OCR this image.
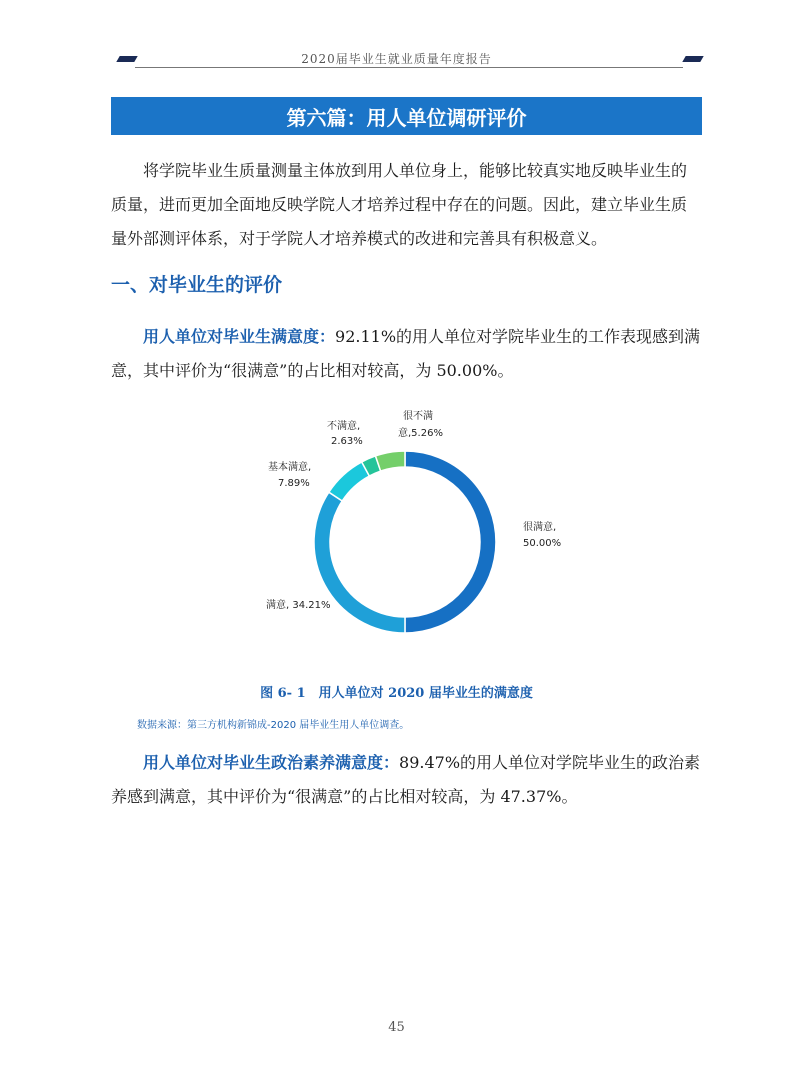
2020届毕业生就业质量年度报告
第六篇：用人单位调研评价

将学院毕业生质量测量主体放到用人单位身上，能够比较真实地反映毕业生的质量，进而更加全面地反映学院人才培养过程中存在的问题。因此，建立毕业生质量外部测评体系，对于学院人才培养模式的改进和完善具有积极意义。

一、对毕业生的评价

用人单位对毕业生满意度：92.11%的用人单位对学院毕业生的工作表现感到满意，其中评价为“很满意”的占比相对较高，为 50.00%。

很满意,
50.00%
满意, 34.21%
基本满意,
7.89%
不满意,
2.63%
很不满
意,5.26%
图 6- 1　用人单位对 2020 届毕业生的满意度
数据来源：第三方机构新锦成-2020 届毕业生用人单位调查。

用人单位对毕业生政治素养满意度：89.47%的用人单位对学院毕业生的政治素养感到满意，其中评价为“很满意”的占比相对较高，为 47.37%。

45
